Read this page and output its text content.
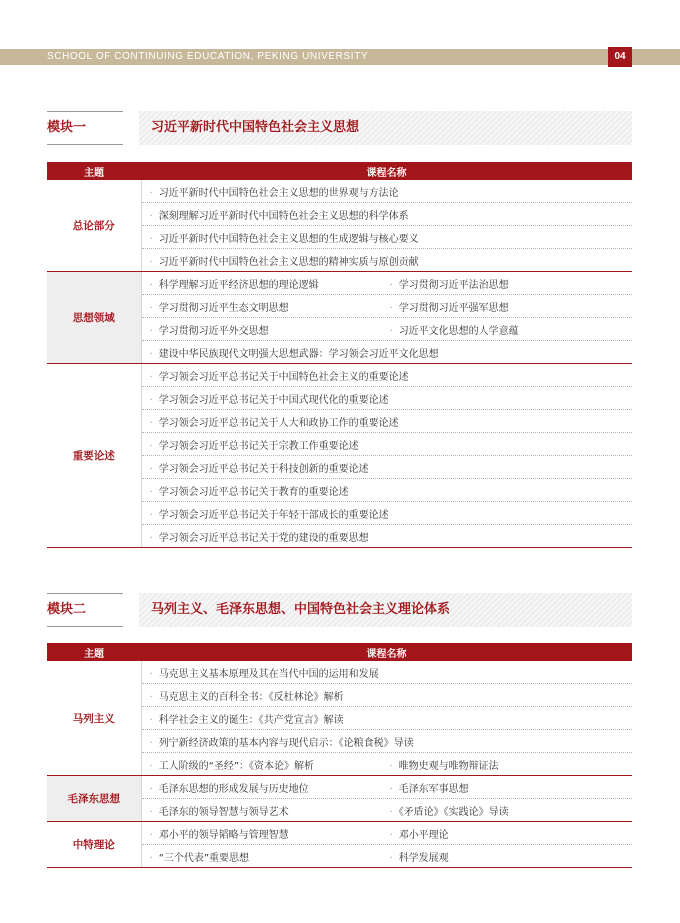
SCHOOL OF CONTINUING EDUCATION, PEKING UNIVERSITY	04
模块一	习近平新时代中国特色社会主义思想
主题	课程名称
总论部分	· 习近平新时代中国特色社会主义思想的世界观与方法论
	· 深刻理解习近平新时代中国特色社会主义思想的科学体系
	· 习近平新时代中国特色社会主义思想的生成逻辑与核心要义
	· 习近平新时代中国特色社会主义思想的精神实质与原创贡献
思想领域	· 科学理解习近平经济思想的理论逻辑 · 学习贯彻习近平法治思想
	· 学习贯彻习近平生态文明思想 · 学习贯彻习近平强军思想
	· 学习贯彻习近平外交思想 · 习近平文化思想的人学意蕴
	· 建设中华民族现代文明强大思想武器：学习领会习近平文化思想
重要论述	· 学习领会习近平总书记关于中国特色社会主义的重要论述
	· 学习领会习近平总书记关于中国式现代化的重要论述
	· 学习领会习近平总书记关于人大和政协工作的重要论述
	· 学习领会习近平总书记关于宗教工作重要论述
	· 学习领会习近平总书记关于科技创新的重要论述
	· 学习领会习近平总书记关于教育的重要论述
	· 学习领会习近平总书记关于年轻干部成长的重要论述
	· 学习领会习近平总书记关于党的建设的重要思想
模块二	马列主义、毛泽东思想、中国特色社会主义理论体系
主题	课程名称
马列主义	· 马克思主义基本原理及其在当代中国的运用和发展
	· 马克思主义的百科全书：《反杜林论》解析
	· 科学社会主义的诞生：《共产党宣言》解读
	· 列宁新经济政策的基本内容与现代启示：《论粮食税》导读
	· 工人阶级的“圣经”：《资本论》解析 · 唯物史观与唯物辩证法
毛泽东思想	· 毛泽东思想的形成发展与历史地位 · 毛泽东军事思想
	· 毛泽东的领导智慧与领导艺术 · 《矛盾论》《实践论》导读
中特理论	· 邓小平的领导韬略与管理智慧 · 邓小平理论
	· “三个代表”重要思想 · 科学发展观
